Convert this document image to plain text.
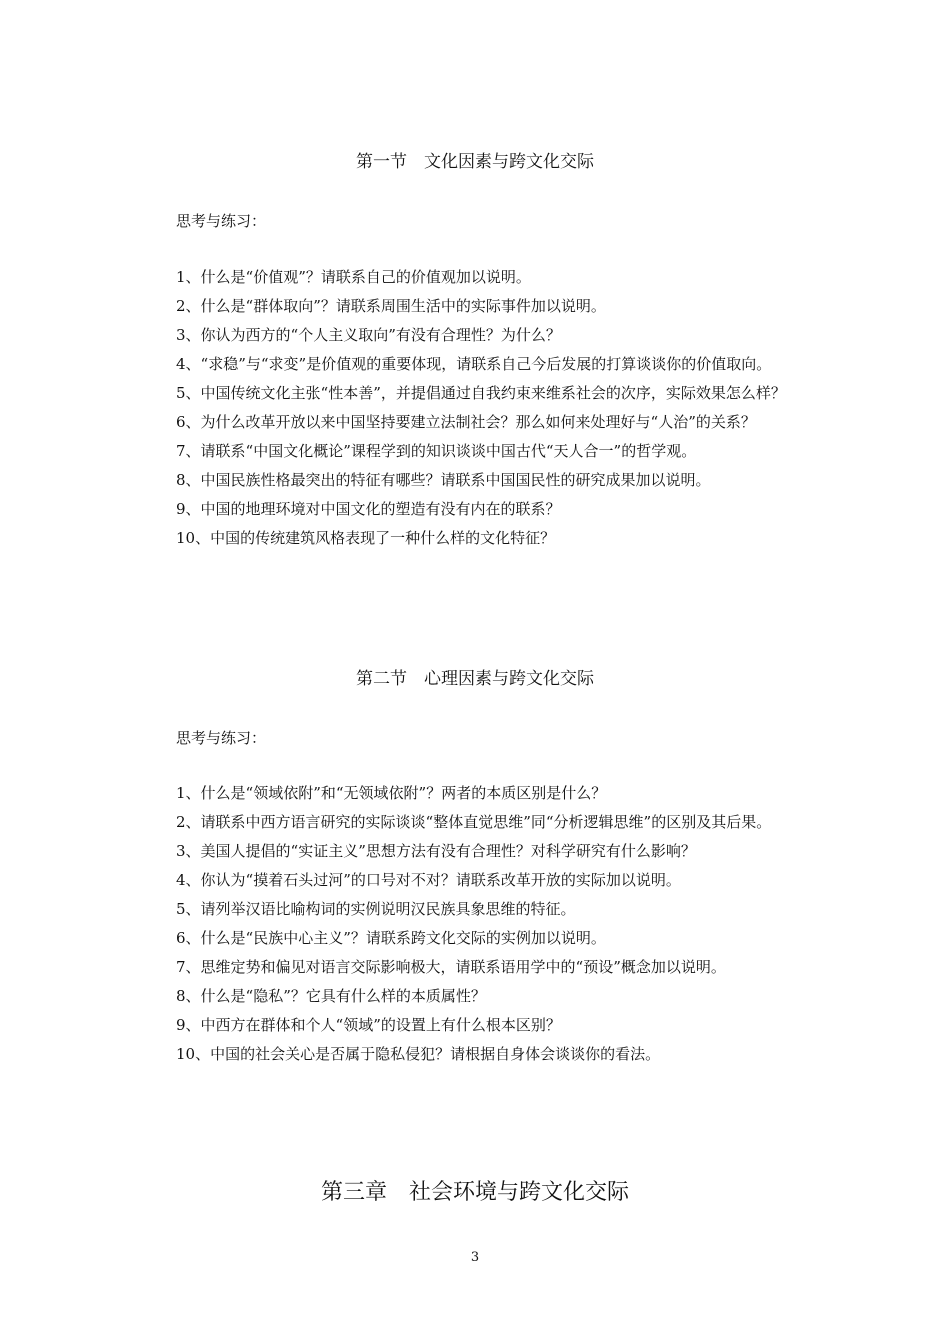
第一节　文化因素与跨文化交际

思考与练习：

1、什么是“价值观”？请联系自己的价值观加以说明。
2、什么是“群体取向”？请联系周围生活中的实际事件加以说明。
3、你认为西方的“个人主义取向”有没有合理性？为什么？
4、“求稳”与“求变”是价值观的重要体现，请联系自己今后发展的打算谈谈你的价值取向。
5、中国传统文化主张“性本善”，并提倡通过自我约束来维系社会的次序，实际效果怎么样？
6、为什么改革开放以来中国坚持要建立法制社会？那么如何来处理好与“人治”的关系？
7、请联系“中国文化概论”课程学到的知识谈谈中国古代“天人合一”的哲学观。
8、中国民族性格最突出的特征有哪些？请联系中国国民性的研究成果加以说明。
9、中国的地理环境对中国文化的塑造有没有内在的联系？
10、中国的传统建筑风格表现了一种什么样的文化特征？
第二节　心理因素与跨文化交际

思考与练习：

1、什么是“领域依附”和“无领域依附”？两者的本质区别是什么？
2、请联系中西方语言研究的实际谈谈“整体直觉思维”同“分析逻辑思维”的区别及其后果。
3、美国人提倡的“实证主义”思想方法有没有合理性？对科学研究有什么影响？
4、你认为“摸着石头过河”的口号对不对？请联系改革开放的实际加以说明。
5、请列举汉语比喻构词的实例说明汉民族具象思维的特征。
6、什么是“民族中心主义”？请联系跨文化交际的实例加以说明。
7、思维定势和偏见对语言交际影响极大，请联系语用学中的“预设”概念加以说明。
8、什么是“隐私”？它具有什么样的本质属性？
9、中西方在群体和个人“领域”的设置上有什么根本区别？
10、中国的社会关心是否属于隐私侵犯？请根据自身体会谈谈你的看法。
第三章　社会环境与跨文化交际
3
